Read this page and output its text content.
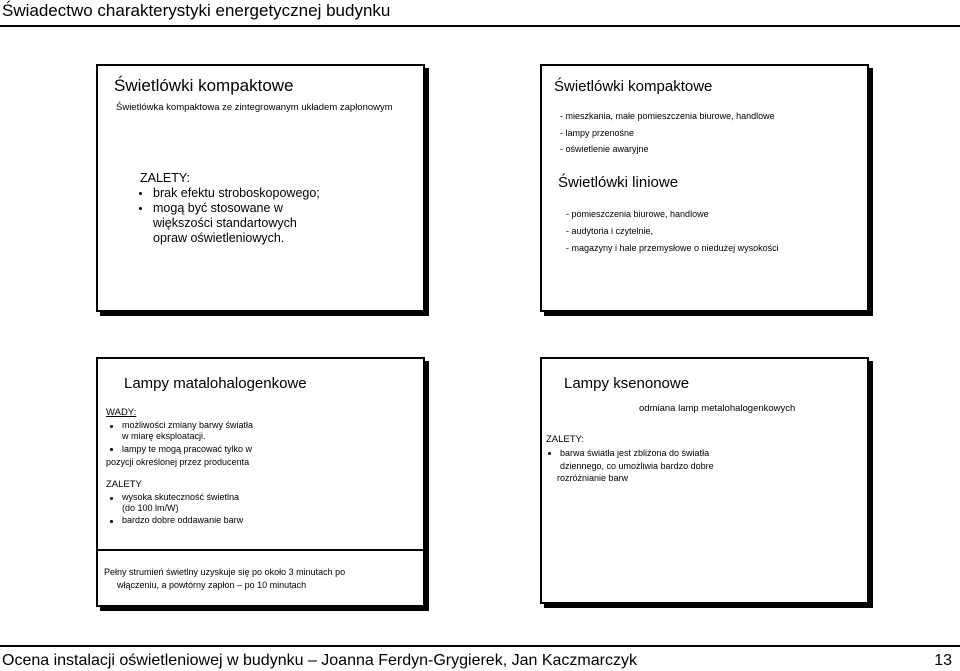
Świadectwo charakterystyki energetycznej budynku
Świetlówki kompaktowe
Świetlówka kompaktowa ze zintegrowanym układem zapłonowym
ZALETY:
brak efektu stroboskopowego;
mogą być stosowane w
większości standartowych
opraw oświetleniowych.
Świetlówki kompaktowe
- mieszkania, małe pomieszczenia biurowe, handlowe
- lampy przenośne
- oświetlenie awaryjne
Świetlówki liniowe
- pomieszczenia biurowe, handlowe
- audytoria i czytelnie,
- magazyny i hale przemysłowe o niedużej wysokości
Lampy matalohalogenkowe
WADY:
możliwości zmiany barwy światła
w miarę eksploatacji.
lampy te mogą pracować tylko w
pozycji określonej przez producenta
ZALETY
wysoka skuteczność świetlna
(do 100 lm/W)
bardzo dobre oddawanie barw
Lampy ksenonowe
odmiana lamp metalohalogenkowych
ZALETY:
barwa światła jest zbliżona do światła
dziennego, co umożliwia bardzo dobre
rozróżnianie barw
Pełny strumień świetlny uzyskuje się po około 3 minutach po
włączeniu, a powtórny zapłon – po 10 minutach
Ocena instalacji oświetleniowej w budynku – Joanna Ferdyn-Grygierek, Jan Kaczmarczyk	13
